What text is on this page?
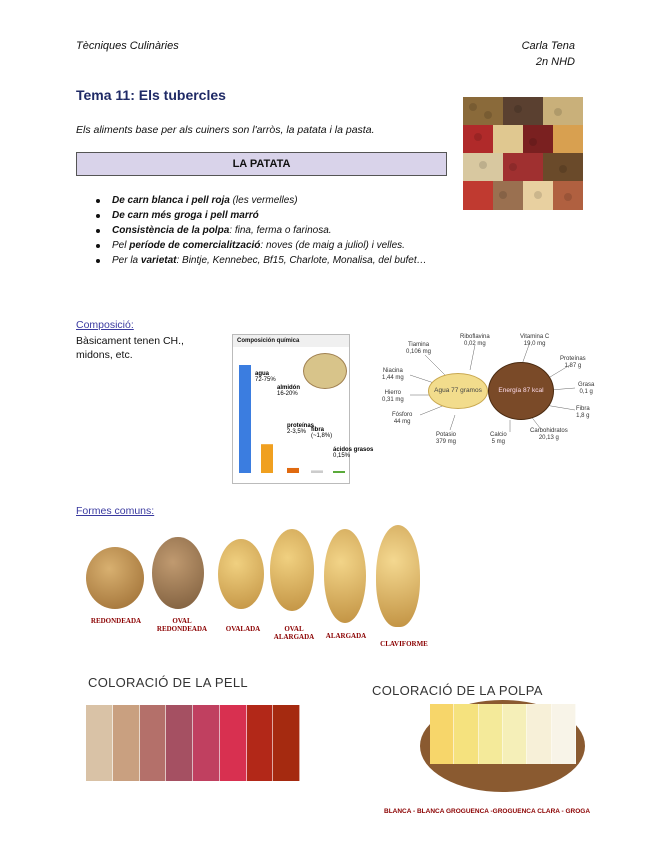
Tècniques Culinàries	Carla Tena
2n NHD
Tema 11: Els tubercles
Els aliments base per als cuiners son l'arròs, la patata i la pasta.
LA PATATA
De carn blanca i pell roja (les vermelles)
De carn més groga i pell marró
Consistència de la polpa: fina, ferma o farinosa.
Pel període de comercialització: noves (de maig a juliol) i velles.
Per la varietat: Bintje, Kennebec, Bf15, Charlote, Monalisa, del bufet…
Composició:
Bàsicament tenen CH., midons, etc.
Composición química
agua
72-75%
almidón
16-20%
proteínas
2-3,5% fibra
(~1,8%)
ácidos grasos
0,15%
Agua 77 gramos	Energía 87 kcal
Tiamina
0,106 mg
Riboflavina
0,02 mg
Vitamina C
19,0 mg
Niacina
1,44 mg
Proteínas
1,87 g
Hierro
0,31 mg
Grasa
0,1 g
Fósforo
44 mg
Fibra
1,8 g
Potasio
379 mg
Calcio
5 mg
Carbohidratos
20,13 g
Formes comuns:
REDONDEADA	OVAL REDONDEADA	OVALADA	OVAL ALARGADA	ALARGADA
CLAVIFORME
COLORACIÓ DE LA PELL
COLORACIÓ DE LA POLPA
BLANCA - BLANCA GROGUENCA -GROGUENCA CLARA - GROGA
